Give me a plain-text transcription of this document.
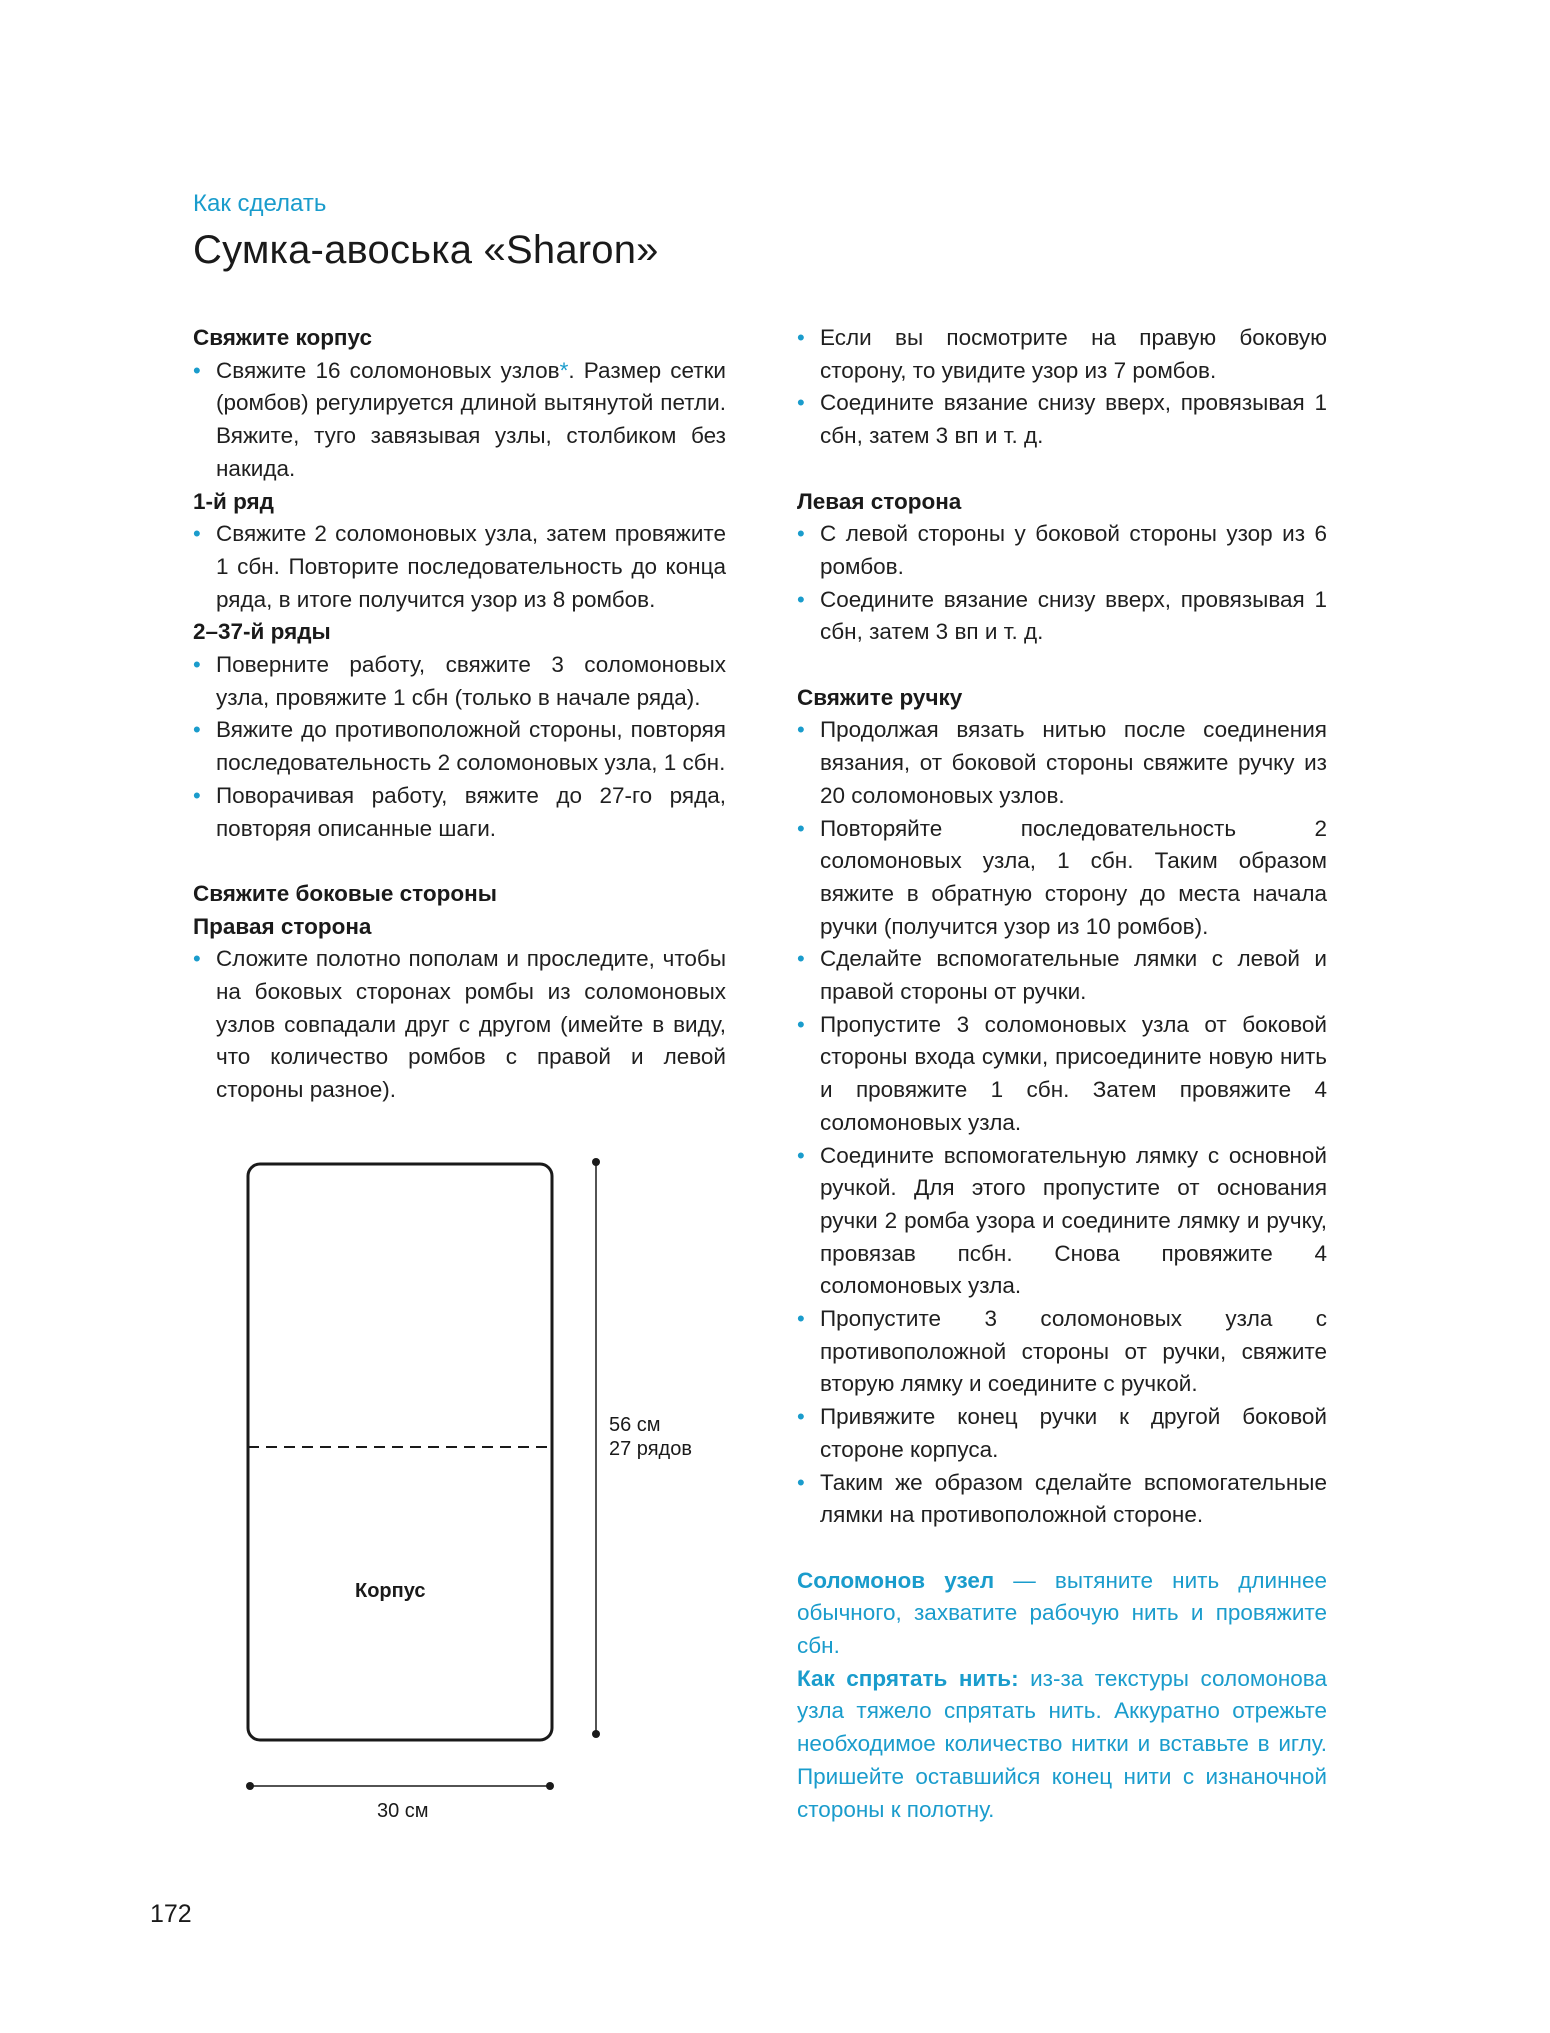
Как сделать
Сумка-авоська «Sharon»

Свяжите корпус

• Свяжите 16 соломоновых узлов*. Размер сетки (ромбов) регулируется длиной вытянутой петли. Вяжите, туго завязывая узлы, столбиком без накида.

1-й ряд

• Свяжите 2 соломоновых узла, затем провяжите 1 сбн. Повторите последовательность до конца ряда, в итоге получится узор из 8 ромбов.

2–37-й ряды

• Поверните работу, свяжите 3 соломоновых узла, провяжите 1 сбн (только в начале ряда).

• Вяжите до противоположной стороны, повторяя последовательность 2 соломоновых узла, 1 сбн.

• Поворачивая работу, вяжите до 27-го ряда, повторяя описанные шаги.

Свяжите боковые стороны

Правая сторона

• Сложите полотно пополам и проследите, чтобы на боковых сторонах ромбы из соломоновых узлов совпадали друг с другом (имейте в виду, что количество ромбов с правой и левой стороны разное).

Корпус
56 см
27 рядов
30 см

• Если вы посмотрите на правую боковую сторону, то увидите узор из 7 ромбов.

• Соедините вязание снизу вверх, провязывая 1 сбн, затем 3 вп и т. д.

Левая сторона

• С левой стороны у боковой стороны узор из 6 ромбов.

• Соедините вязание снизу вверх, провязывая 1 сбн, затем 3 вп и т. д.

Свяжите ручку

• Продолжая вязать нитью после соединения вязания, от боковой стороны свяжите ручку из 20 соломоновых узлов.

• Повторяйте последовательность 2 соломоновых узла, 1 сбн. Таким образом вяжите в обратную сторону до места начала ручки (получится узор из 10 ромбов).

• Сделайте вспомогательные лямки с левой и правой стороны от ручки.

• Пропустите 3 соломоновых узла от боковой стороны входа сумки, присоедините новую нить и провяжите 1 сбн. Затем провяжите 4 соломоновых узла.

• Соедините вспомогательную лямку с основной ручкой. Для этого пропустите от основания ручки 2 ромба узора и соедините лямку и ручку, провязав псбн. Снова провяжите 4 соломоновых узла.

• Пропустите 3 соломоновых узла с противоположной стороны от ручки, свяжите вторую лямку и соедините с ручкой.

• Привяжите конец ручки к другой боковой стороне корпуса.

• Таким же образом сделайте вспомогательные лямки на противоположной стороне.

Соломонов узел — вытяните нить длиннее обычного, захватите рабочую нить и провяжите сбн.

Как спрятать нить: из-за текстуры соломонова узла тяжело спрятать нить. Аккуратно отрежьте необходимое количество нитки и вставьте в иглу. Пришейте оставшийся конец нити с изнаночной стороны к полотну.

172
